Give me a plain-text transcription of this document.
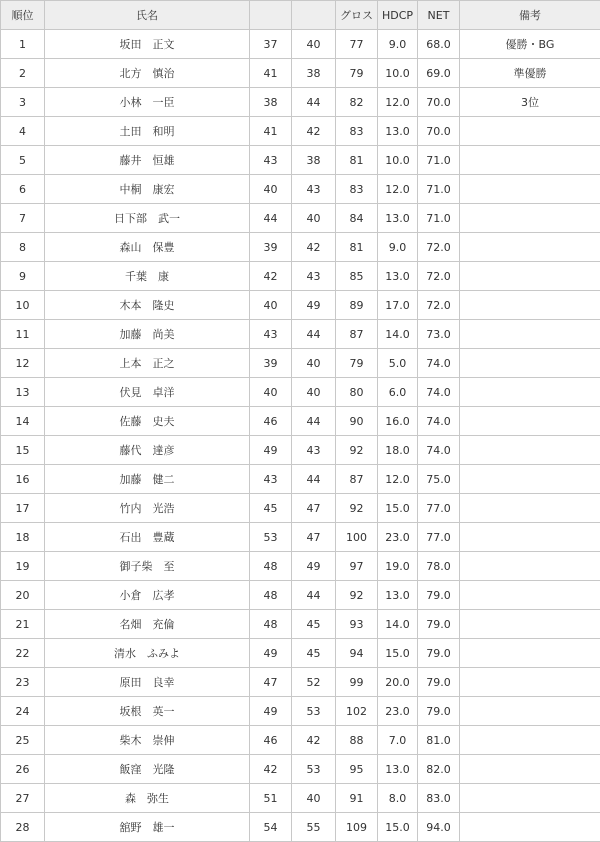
順位	氏名			グロス	HDCP	NET	備考
1	坂田　正文	37	40	77	9.0	68.0	優勝・BG
2	北方　慎治	41	38	79	10.0	69.0	準優勝
3	小林　一臣	38	44	82	12.0	70.0	3位
4	土田　和明	41	42	83	13.0	70.0	
5	藤井　恒雄	43	38	81	10.0	71.0	
6	中桐　康宏	40	43	83	12.0	71.0	
7	日下部　武一	44	40	84	13.0	71.0	
8	森山　保豊	39	42	81	9.0	72.0	
9	千葉　康	42	43	85	13.0	72.0	
10	木本　隆史	40	49	89	17.0	72.0	
11	加藤　尚美	43	44	87	14.0	73.0	
12	上本　正之	39	40	79	5.0	74.0	
13	伏見　卓洋	40	40	80	6.0	74.0	
14	佐藤　史夫	46	44	90	16.0	74.0	
15	藤代　達彦	49	43	92	18.0	74.0	
16	加藤　健二	43	44	87	12.0	75.0	
17	竹内　光浩	45	47	92	15.0	77.0	
18	石出　豊蔵	53	47	100	23.0	77.0	
19	御子柴　至	48	49	97	19.0	78.0	
20	小倉　広孝	48	44	92	13.0	79.0	
21	名畑　充倫	48	45	93	14.0	79.0	
22	清水　ふみよ	49	45	94	15.0	79.0	
23	原田　良幸	47	52	99	20.0	79.0	
24	坂根　英一	49	53	102	23.0	79.0	
25	柴木　崇伸	46	42	88	7.0	81.0	
26	飯窪　光隆	42	53	95	13.0	82.0	
27	森　弥生	51	40	91	8.0	83.0	
28	舘野　雄一	54	55	109	15.0	94.0	
